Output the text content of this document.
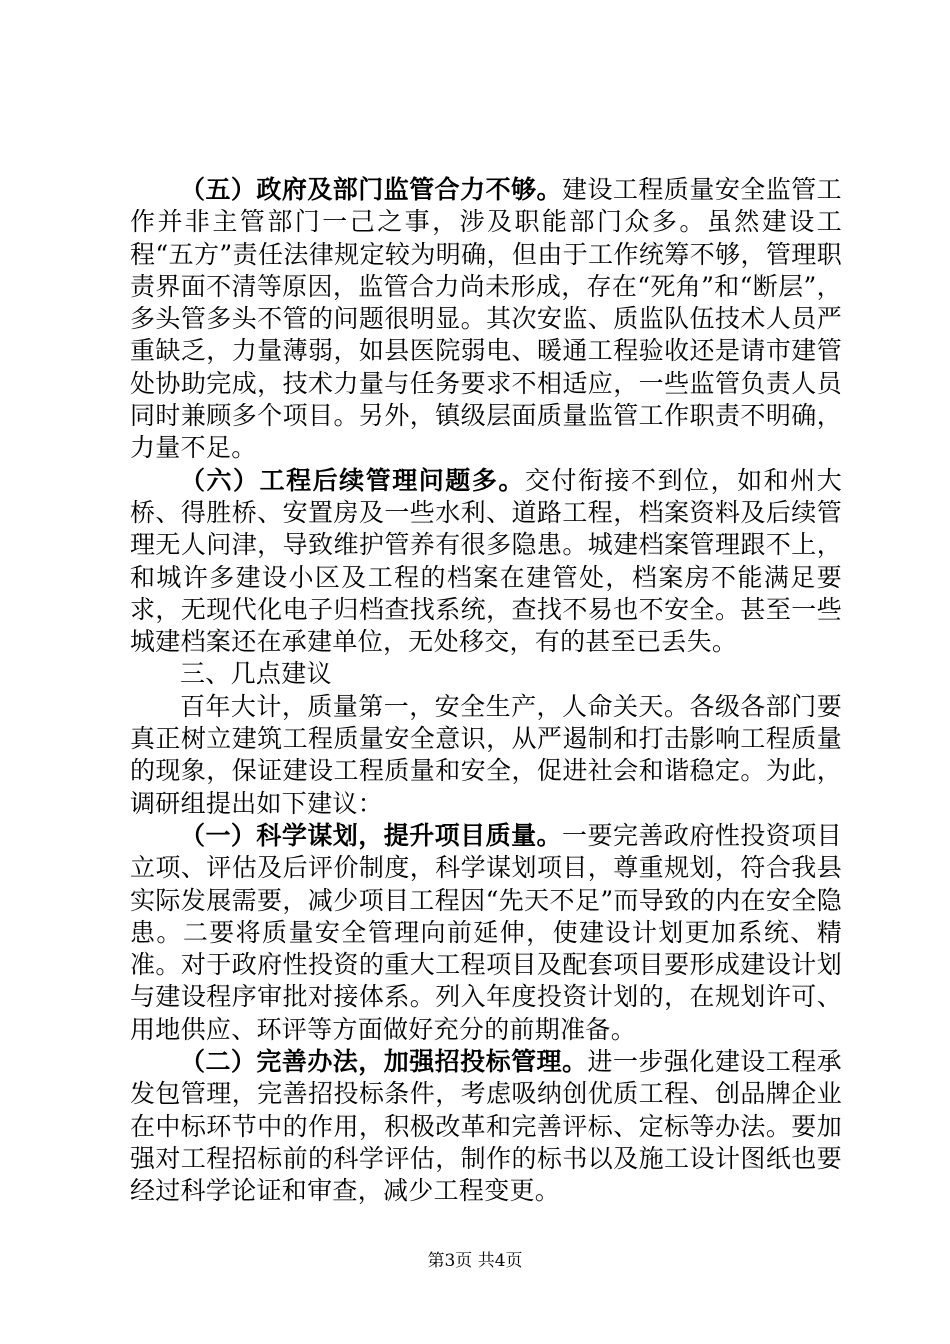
（五）政府及部门监管合力不够。建设工程质量安全监管工作并非主管部门一己之事，涉及职能部门众多。虽然建设工程“五方”责任法律规定较为明确，但由于工作统筹不够，管理职责界面不清等原因，监管合力尚未形成，存在“死角”和“断层”，多头管多头不管的问题很明显。其次安监、质监队伍技术人员严重缺乏，力量薄弱，如县医院弱电、暖通工程验收还是请市建管处协助完成，技术力量与任务要求不相适应，一些监管负责人员同时兼顾多个项目。另外，镇级层面质量监管工作职责不明确，力量不足。

（六）工程后续管理问题多。交付衔接不到位，如和州大桥、得胜桥、安置房及一些水利、道路工程，档案资料及后续管理无人问津，导致维护管养有很多隐患。城建档案管理跟不上，和城许多建设小区及工程的档案在建管处，档案房不能满足要求，无现代化电子归档查找系统，查找不易也不安全。甚至一些城建档案还在承建单位，无处移交，有的甚至已丢失。

三、几点建议

百年大计，质量第一，安全生产，人命关天。各级各部门要真正树立建筑工程质量安全意识，从严遏制和打击影响工程质量的现象，保证建设工程质量和安全，促进社会和谐稳定。为此，调研组提出如下建议：

（一）科学谋划，提升项目质量。一要完善政府性投资项目立项、评估及后评价制度，科学谋划项目，尊重规划，符合我县实际发展需要，减少项目工程因“先天不足”而导致的内在安全隐患。二要将质量安全管理向前延伸，使建设计划更加系统、精准。对于政府性投资的重大工程项目及配套项目要形成建设计划与建设程序审批对接体系。列入年度投资计划的，在规划许可、用地供应、环评等方面做好充分的前期准备。

（二）完善办法，加强招投标管理。进一步强化建设工程承发包管理，完善招投标条件，考虑吸纳创优质工程、创品牌企业在中标环节中的作用，积极改革和完善评标、定标等办法。要加强对工程招标前的科学评估，制作的标书以及施工设计图纸也要经过科学论证和审查，减少工程变更。

第3页 共4页
